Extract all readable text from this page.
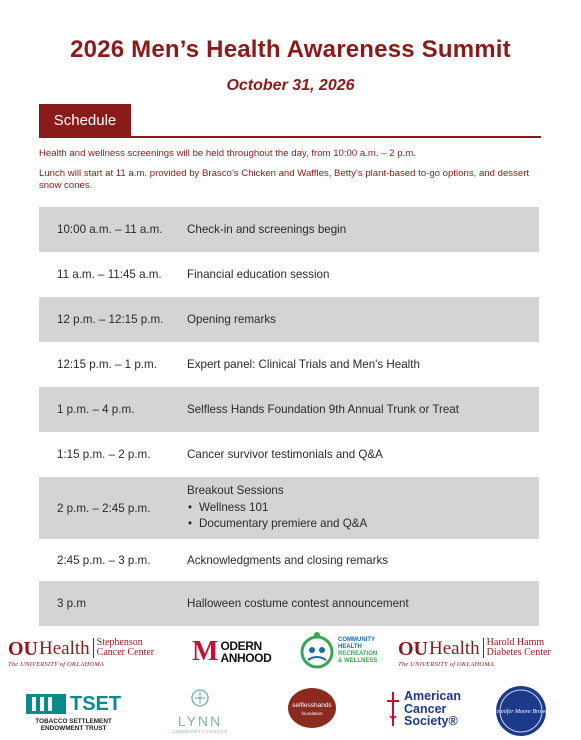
2026 Men’s Health Awareness Summit
October 31, 2026
Schedule
Health and wellness screenings will be held throughout the day, from 10:00 a.m. – 2 p.m.
Lunch will start at 11 a.m. provided by Brasco’s Chicken and Waffles, Betty’s plant-based to-go options, and dessert snow cones.
10:00 a.m. – 11 a.m.	Check-in and screenings begin
11 a.m. – 11:45 a.m.	Financial education session
12 p.m. – 12:15 p.m.	Opening remarks
12:15 p.m. – 1 p.m.	Expert panel: Clinical Trials and Men's Health
1 p.m. – 4 p.m.	Selfless Hands Foundation 9th Annual Trunk or Treat
1:15 p.m. – 2 p.m.	Cancer survivor testimonials and Q&A
2 p.m. – 2:45 p.m.
Breakout Sessions
• Wellness 101
• Documentary premiere and Q&A
2:45 p.m. – 3 p.m.	Acknowledgments and closing remarks
3 p.m	Halloween costume contest announcement
OU Health Stephenson
Cancer Center
The UNIVERSITY of OKLAHOMA	M ODERN
ANHOOD
COMMUNITY
HEALTH
RECREATION
& WELLNESS
OU Health Harold Hamm
Diabetes Center
The UNIVERSITY of OKLAHOMA
TSET
TOBACCO SETTLEMENT
ENDOWMENT TRUST	LYNN
COMMUNITY LEGACY
selflesshands
foundation
American
Cancer
Society®
Jennifer Moore Brown
